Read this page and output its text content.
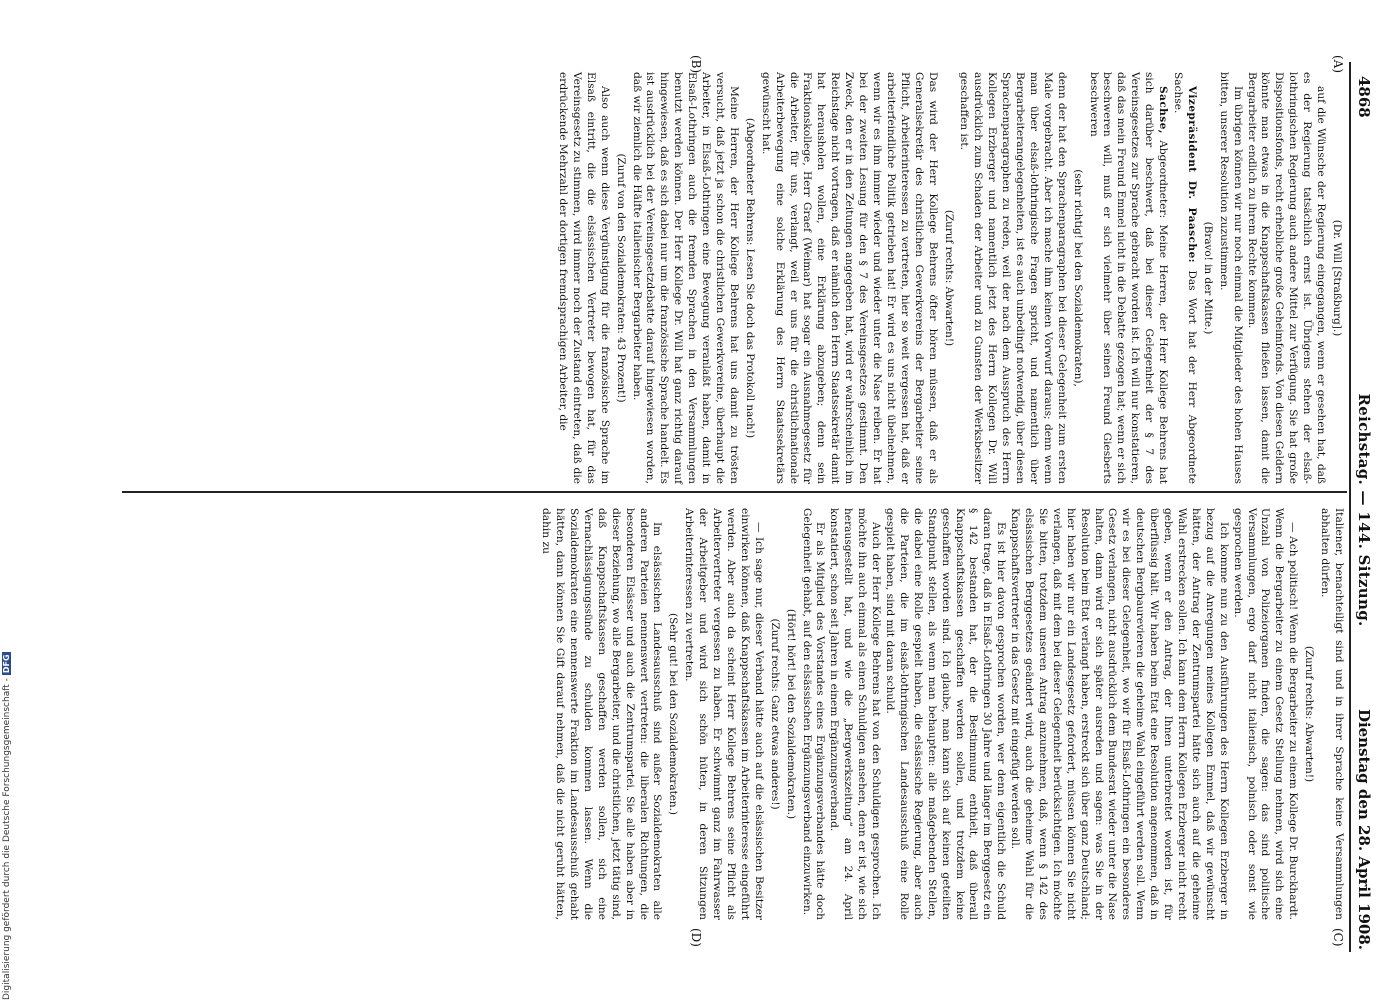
4868
Reichstag. — 144. Sitzung.
Dienstag den 28. April 1908.
(A)
(B)
(C)
(D)

(Dr. Will [Straßburg].)

auf die Wünsche der Regierung eingegangen, wenn er gesehen hat, daß es der Regierung tatsächlich ernst ist. Übrigens stehen der elsaß-lothringischen Regierung auch andere Mittel zur Verfügung. Sie hat große Dispositionsfonds, recht erhebliche große Geheimfonds. Von diesen Geldern könnte man etwas in die Knappschaftskassen fließen lassen, damit die Bergarbeiter endlich zu ihrem Rechte kommen.

Im übrigen können wir nur noch einmal die Mitglieder des hohen Hauses bitten, unserer Resolution zuzustimmen.

(Bravo! in der Mitte.)

Vizepräsident Dr. Paasche: Das Wort hat der Herr Abgeordnete Sachse.

Sachse, Abgeordneter: Meine Herren, der Herr Kollege Behrens hat sich darüber beschwert, daß bei dieser Gelegenheit der § 7 des Vereinsgesetzes zur Sprache gebracht worden ist. Ich will nur konstatieren, daß das mein Freund Emmel nicht in die Debatte gezogen hat; wenn er sich beschweren will, muß er sich vielmehr über seinen Freund Giesberts beschweren

(sehr richtig! bei den Sozialdemokraten),

denn der hat den Sprachenparagraphen bei dieser Gelegenheit zum ersten Male vorgebracht. Aber ich mache ihm keinen Vorwurf daraus; denn wenn man über elsaß-lothringische Fragen spricht, und namentlich über Bergarbeiterangelegenheiten, ist es auch unbedingt notwendig, über diesen Sprachenparagraphen zu reden, weil der nach dem Ausspruch des Herrn Kollegen Erzberger und namentlich jetzt des Herrn Kollegen Dr. Will ausdrücklich zum Schaden der Arbeiter und zu Gunsten der Werksbesitzer geschaffen ist.

(Zuruf rechts: Abwarten!)

Das wird der Herr Kollege Behrens öfter hören müssen, daß er als Generalsekretär des christlichen Gewerkvereins der Bergarbeiter seine Pflicht, Arbeiterinteressen zu vertreten, hier so weit vergessen hat, daß er arbeiterfeindliche Politik getrieben hat! Er wird es uns nicht übelnehmen, wenn wir es ihm immer wieder und wieder unter die Nase reiben. Er hat bei der zweiten Lesung für den § 7 des Vereinsgesetzes gestimmt. Den Zweck, den er in den Zeitungen angegeben hat, wird er wahrscheinlich im Reichstage nicht vortragen, daß er nämlich den Herrn Staatssekretär damit hat herausholen wollen, eine Erklärung abzugeben; denn sein Fraktionskollege, Herr Graef (Weimar) hat sogar ein Ausnahmegesetz für die Arbeiter, für uns, verlangt, weil er uns für die christlichnationale Arbeiterbewegung eine solche Erklärung des Herrn Staatssekretärs gewünscht hat.

(Abgeordneter Behrens: Lesen Sie doch das Protokoll nach!)

Meine Herren, der Herr Kollege Behrens hat uns damit zu trösten versucht, daß jetzt ja schon die christlichen Gewerkvereine, überhaupt die Arbeiter, in Elsaß-Lothringen eine Bewegung veranlaßt haben, damit in Elsaß-Lothringen auch die fremden Sprachen in den Versammlungen benutzt werden können. Der Herr Kollege Dr. Will hat ganz richtig darauf hingewiesen, daß es sich dabei nur um die französische Sprache handelt. Es ist ausdrücklich bei der Vereinsgesetzdebatte darauf hingewiesen worden, daß wir ziemlich die Hälfte italienischer Bergarbeiter haben.

(Zuruf von den Sozialdemokraten: 43 Prozent!)

Also auch wenn diese Vergünstigung für die französische Sprache im Elsaß eintritt, die die elsässischen Vertreter bewogen hat, für das Vereinsgesetz zu stimmen, wird immer noch der Zustand eintreten, daß die erdrückende Mehrzahl der dortigen fremdsprachigen Arbeiter, die

Italiener, benachteiligt sind und in ihrer Sprache keine Versammlungen abhalten dürfen.

(Zuruf rechts: Abwarten!)

— Ach politisch! Wenn die Bergarbeiter zu einem Kollege Dr. Burckhardt. Wenn die Bergarbeiter zu einem Gesetz Stellung nehmen, wird sich eine Unzahl von Polizeiorganen finden, die sagen: das sind politische Versammlungen, ergo darf nicht italienisch, polnisch oder sonst wie gesprochen werden.

Ich komme nun zu den Ausführungen des Herrn Kollegen Erzberger in bezug auf die Anregungen meines Kollegen Emmel, daß wir gewünscht hätten, der Antrag der Zentrumspartei hätte sich auch auf die geheime Wahl erstrecken sollen. Ich kann dem Herrn Kollegen Erzberger nicht recht geben, wenn er den Antrag, der Ihnen unterbreitet worden ist, für überflüssig hält. Wir haben beim Etat eine Resolution angenommen, daß in deutschen Bergbaurevieren die geheime Wahl eingeführt werden soll. Wenn wir es bei dieser Gelegenheit, wo wir für Elsaß-Lothringen ein besonderes Gesetz verlangen, nicht ausdrücklich dem Bundesrat wieder unter die Nase halten, dann wird er sich später ausreden und sagen: was Sie in der Resolution beim Etat verlangt haben, erstreckt sich über ganz Deutschland; hier haben wir nur ein Landesgesetz gefordert, müssen können Sie nicht verlangen, daß mit dem bei dieser Gelegenheit berücksichtigen. Ich möchte Sie bitten, trotzdem unseren Antrag anzunehmen, daß, wenn § 142 des elsässischen Berggesetzes geändert wird, auch die geheime Wahl für die Knappschaftsvertreter in das Gesetz mit eingefügt werden soll.

Es ist hier davon gesprochen worden, wer denn eigentlich die Schuld daran trage, daß in Elsaß-Lothringen 30 Jahre und länger im Berggesetz ein § 142 bestanden hat, der die Bestimmung enthielt, daß überall Knappschaftskassen geschaffen werden sollen, und trotzdem keine geschaffen worden sind. Ich glaube, man kann sich auf keinen geteilten Standpunkt stellen, als wenn man behaupten: alle maßgebenden Stellen, die dabei eine Rolle gespielt haben, die elsässische Regierung, aber auch die Parteien, die im elsaß-lothringischen Landesausschuß eine Rolle gespielt haben, sind mit daran schuld.

Auch der Herr Kollege Behrens hat von den Schuldigen gesprochen. Ich möchte ihn auch einmal als einen Schuldigen ansehen, denn er ist, wie sich herausgestellt hat, und wie die „Bergwerkszeitung“ am 24. April konstatiert, schon seit Jahren in einem Ergänzungsverband.

Er als Mitglied des Vorstandes eines Ergänzungsverbandes hätte doch Gelegenheit gehabt, auf den elsässischen Ergänzungsverband einzuwirken.

(Hört! hört! bei den Sozialdemokraten.)

(Zuruf rechts: Ganz etwas anderes!)

— Ich sage nur, dieser Verband hätte auch auf die elsässischen Besitzer einwirken können, daß Knappschaftskassen im Arbeiterinteresse eingeführt werden. Aber auch da scheint Herr Kollege Behrens seine Pflicht als Arbeitervertreter vergessen zu haben. Er schwimmt ganz im Fahrwasser der Arbeitgeber und wird sich schön hüten, in deren Sitzungen Arbeiterinteressen zu vertreten.

(Sehr gut! bei den Sozialdemokraten.)

Im elsässischen Landesausschuß sind außer Sozialdemokraten alle anderen Parteien nennenswert vertreten: die liberalen Richtungen, die besonderen Elsässer und auch die Zentrumspartei. Sie alle haben aber in dieser Beziehung, wo alle Bergarbeiter, und die christlichen, jetzt tätig sind, daß Knappschaftskassen geschaffen werden sollen, sich eine Vernachlässigungssünde zu schulden kommen lassen. Wenn die Sozialdemokraten eine nennenswerte Fraktion im Landesausschuß gehabt hätten, dann können Sie Gift darauf nehmen, daß die nicht geruht hätten, dahin zu

Digitalisierung gefördert durch die Deutsche Forschungsgemeinschaft -DFG
